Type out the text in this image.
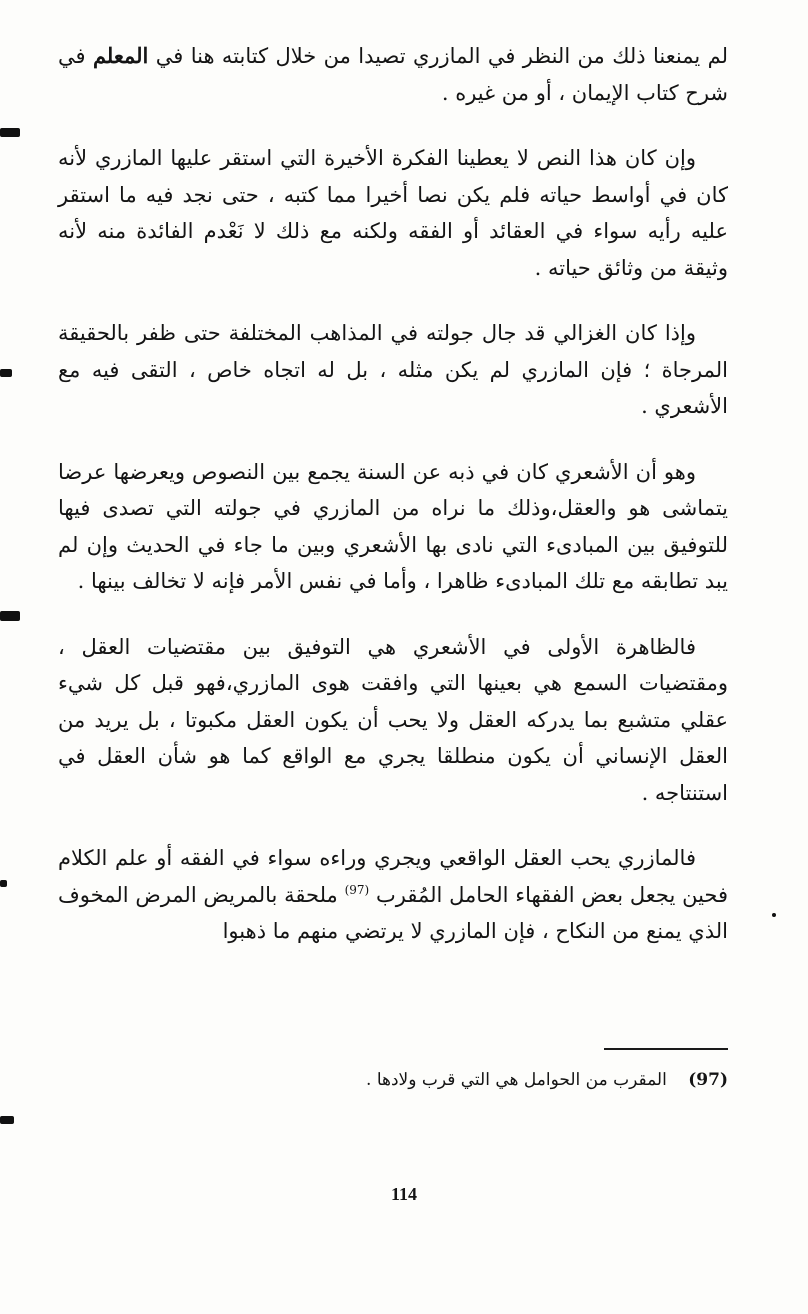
لم يمنعنا ذلك من النظر في المازري تصيدا من خلال كتابته هنا في المعلم في شرح كتاب الإيمان ، أو من غيره .

وإن كان هذا النص لا يعطينا الفكرة الأخيرة التي استقر عليها المازري لأنه كان في أواسط حياته فلم يكن نصا أخيرا مما كتبه ، حتى نجد فيه ما استقر عليه رأيه سواء في العقائد أو الفقه ولكنه مع ذلك لا نَعْدم الفائدة منه لأنه وثيقة من وثائق حياته .

وإذا كان الغزالي قد جال جولته في المذاهب المختلفة حتى ظفر بالحقيقة المرجاة ؛ فإن المازري لم يكن مثله ، بل له اتجاه خاص ، التقى فيه مع الأشعري .

وهو أن الأشعري كان في ذبه عن السنة يجمع بين النصوص ويعرضها عرضا يتماشى هو والعقل،وذلك ما نراه من المازري في جولته التي تصدى فيها للتوفيق بين المبادىء التي نادى بها الأشعري وبين ما جاء في الحديث وإن لم يبد تطابقه مع تلك المبادىء ظاهرا ، وأما في نفس الأمر فإنه لا تخالف بينها .

فالظاهرة الأولى في الأشعري هي التوفيق بين مقتضيات العقل ، ومقتضيات السمع هي بعينها التي وافقت هوى المازري،فهو قبل كل شيء عقلي متشبع بما يدركه العقل ولا يحب أن يكون العقل مكبوتا ، بل يريد من العقل الإنساني أن يكون منطلقا يجري مع الواقع كما هو شأن العقل في استنتاجه .

فالمازري يحب العقل الواقعي ويجري وراءه سواء في الفقه أو علم الكلام فحين يجعل بعض الفقهاء الحامل المُقرب $^{(97)}$ ملحقة بالمريض المرض المخوف الذي يمنع من النكاح ، فإن المازري لا يرتضي منهم ما ذهبوا

(97) المقرب من الحوامل هي التي قرب ولادها .
114
